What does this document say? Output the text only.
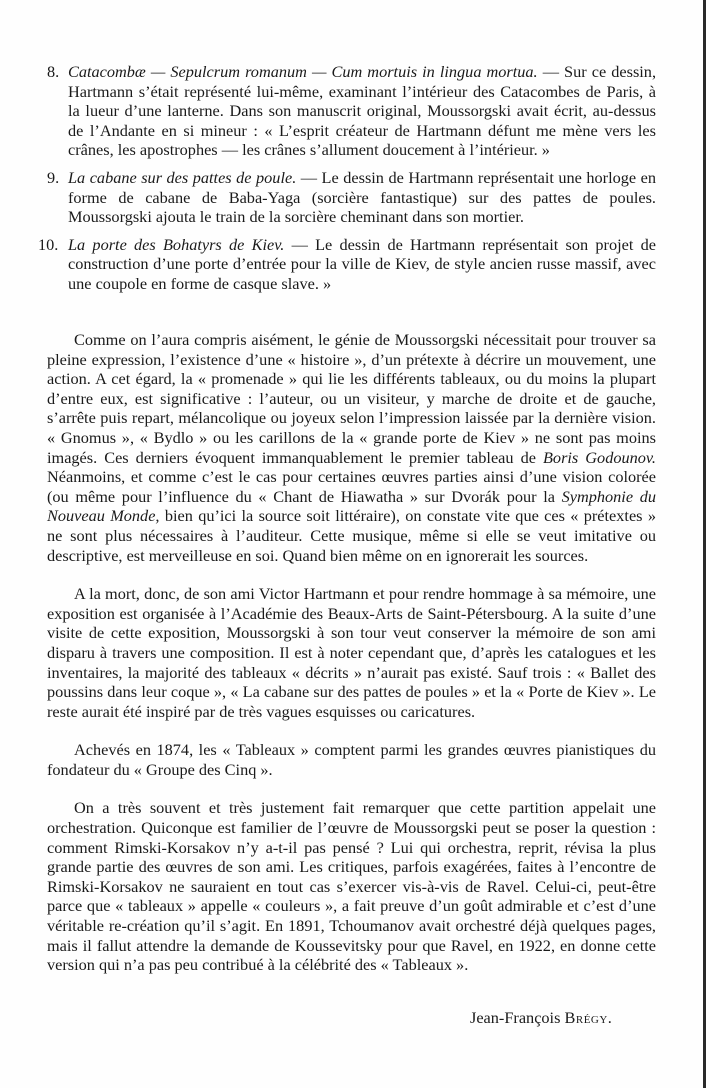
8. Catacombæ — Sepulcrum romanum — Cum mortuis in lingua mortua. — Sur ce dessin, Hartmann s’était représenté lui-même, examinant l’intérieur des Catacombes de Paris, à la lueur d’une lanterne. Dans son manuscrit original, Moussorgski avait écrit, au-dessus de l’Andante en si mineur : « L’esprit créateur de Hartmann défunt me mène vers les crânes, les apostrophes — les crânes s’allument doucement à l’intérieur. »
9. La cabane sur des pattes de poule. — Le dessin de Hartmann représentait une horloge en forme de cabane de Baba-Yaga (sorcière fantastique) sur des pattes de poules. Moussorgski ajouta le train de la sorcière cheminant dans son mortier.
10. La porte des Bohatyrs de Kiev. — Le dessin de Hartmann représentait son projet de construction d’une porte d’entrée pour la ville de Kiev, de style ancien russe massif, avec une coupole en forme de casque slave. »

Comme on l’aura compris aisément, le génie de Moussorgski nécessitait pour trouver sa pleine expression, l’existence d’une « histoire », d’un prétexte à décrire un mouvement, une action. A cet égard, la « promenade » qui lie les différents tableaux, ou du moins la plupart d’entre eux, est significative : l’auteur, ou un visiteur, y marche de droite et de gauche, s’arrête puis repart, mélancolique ou joyeux selon l’impression laissée par la dernière vision. « Gnomus », « Bydlo » ou les carillons de la « grande porte de Kiev » ne sont pas moins imagés. Ces derniers évoquent immanquablement le premier tableau de Boris Godounov. Néanmoins, et comme c’est le cas pour certaines œuvres parties ainsi d’une vision colorée (ou même pour l’influence du « Chant de Hiawatha » sur Dvorák pour la Symphonie du Nouveau Monde, bien qu’ici la source soit littéraire), on constate vite que ces « prétextes » ne sont plus nécessaires à l’auditeur. Cette musique, même si elle se veut imitative ou descriptive, est merveilleuse en soi. Quand bien même on en ignorerait les sources.

A la mort, donc, de son ami Victor Hartmann et pour rendre hommage à sa mémoire, une exposition est organisée à l’Académie des Beaux-Arts de Saint-Pétersbourg. A la suite d’une visite de cette exposition, Moussorgski à son tour veut conserver la mémoire de son ami disparu à travers une composition. Il est à noter cependant que, d’après les catalogues et les inventaires, la majorité des tableaux « décrits » n’aurait pas existé. Sauf trois : « Ballet des poussins dans leur coque », « La cabane sur des pattes de poules » et la « Porte de Kiev ». Le reste aurait été inspiré par de très vagues esquisses ou caricatures.

Achevés en 1874, les « Tableaux » comptent parmi les grandes œuvres pianistiques du fondateur du « Groupe des Cinq ».

On a très souvent et très justement fait remarquer que cette partition appelait une orchestration. Quiconque est familier de l’œuvre de Moussorgski peut se poser la question : comment Rimski-Korsakov n’y a-t-il pas pensé ? Lui qui orchestra, reprit, révisa la plus grande partie des œuvres de son ami. Les critiques, parfois exagérées, faites à l’encontre de Rimski-Korsakov ne sauraient en tout cas s’exercer vis-à-vis de Ravel. Celui-ci, peut-être parce que « tableaux » appelle « couleurs », a fait preuve d’un goût admirable et c’est d’une véritable re-création qu’il s’agit. En 1891, Tchoumanov avait orchestré déjà quelques pages, mais il fallut attendre la demande de Koussevitsky pour que Ravel, en 1922, en donne cette version qui n’a pas peu contribué à la célébrité des « Tableaux ».

Jean-François Brégy.
